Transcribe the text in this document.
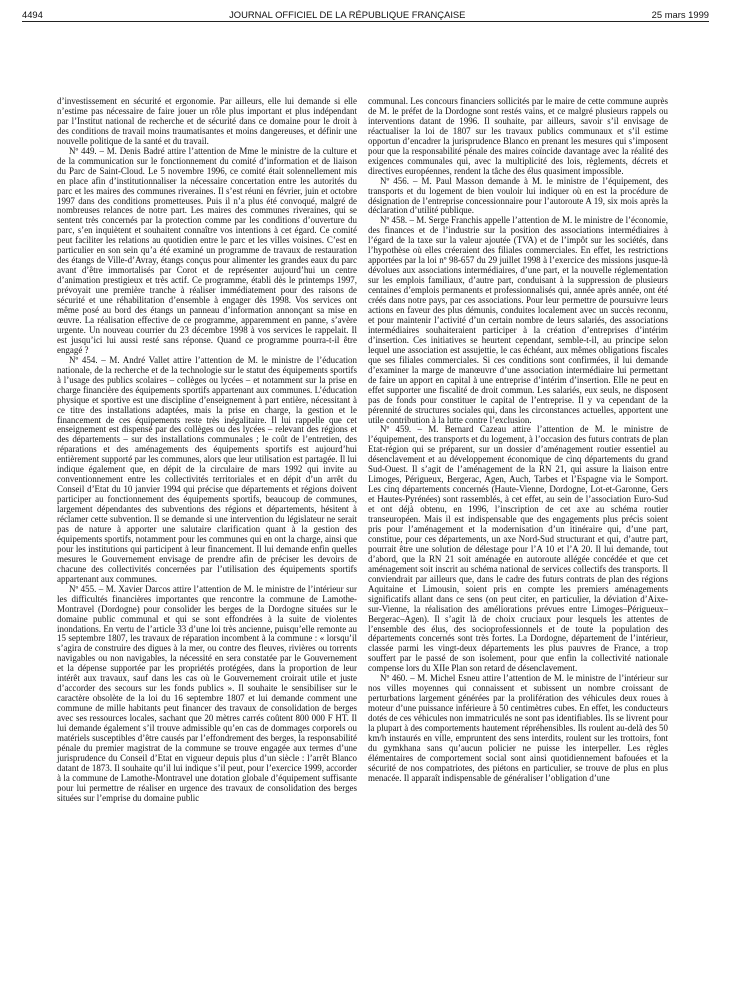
4494	JOURNAL OFFICIEL DE LA RÉPUBLIQUE FRANÇAISE	25 mars 1999

d’investissement en sécurité et ergonomie. Par ailleurs, elle lui demande si elle n’estime pas nécessaire de faire jouer un rôle plus important et plus indépendant par l’Institut national de recherche et de sécurité dans ce domaine pour le droit à des conditions de travail moins traumatisantes et moins dangereuses, et définir une nouvelle politique de la santé et du travail.

Nº 449. – M. Denis Badré attire l’attention de Mme le ministre de la culture et de la communication sur le fonctionnement du comité d’information et de liaison du Parc de Saint-Cloud. Le 5 novembre 1996, ce comité était solennellement mis en place afin d’institutionnaliser la nécessaire concertation entre les autorités du parc et les maires des communes riveraines. Il s’est réuni en février, juin et octobre 1997 dans des conditions prometteuses. Puis il n’a plus été convoqué, malgré de nombreuses relances de notre part. Les maires des communes riveraines, qui se sentent très concernés par la protection comme par les conditions d’ouverture du parc, s’en inquiètent et souhaitent connaître vos intentions à cet égard. Ce comité peut faciliter les relations au quotidien entre le parc et les villes voisines. C’est en particulier en son sein qu’a été examiné un programme de travaux de restauration des étangs de Ville-d’Avray, étangs conçus pour alimenter les grandes eaux du parc avant d’être immortalisés par Corot et de représenter aujourd’hui un centre d’animation prestigieux et très actif. Ce programme, établi dès le printemps 1997, prévoyait une première tranche à réaliser immédiatement pour des raisons de sécurité et une réhabilitation d’ensemble à engager dès 1998. Vos services ont même posé au bord des étangs un panneau d’information annonçant sa mise en œuvre. La réalisation effective de ce programme, apparemment en panne, s’avère urgente. Un nouveau courrier du 23 décembre 1998 à vos services le rappelait. Il est jusqu’ici lui aussi resté sans réponse. Quand ce programme pourra-t-il être engagé ?

Nº 454. – M. André Vallet attire l’attention de M. le ministre de l’éducation nationale, de la recherche et de la technologie sur le statut des équipements sportifs à l’usage des publics scolaires – collèges ou lycées – et notamment sur la prise en charge financière des équipements sportifs appartenant aux communes. L’éducation physique et sportive est une discipline d’enseignement à part entière, nécessitant à ce titre des installations adaptées, mais la prise en charge, la gestion et le financement de ces équipements reste très inégalitaire. Il lui rappelle que cet enseignement est dispensé par des collèges ou des lycées – relevant des régions et des départements – sur des installations communales ; le coût de l’entretien, des réparations et des aménagements des équipements sportifs est aujourd’hui entièrement supporté par les communes, alors que leur utilisation est partagée. Il lui indique également que, en dépit de la circulaire de mars 1992 qui invite au conventionnement entre les collectivités territoriales et en dépit d’un arrêt du Conseil d’Etat du 10 janvier 1994 qui précise que départements et régions doivent participer au fonctionnement des équipements sportifs, beaucoup de communes, largement dépendantes des subventions des régions et départements, hésitent à réclamer cette subvention. Il se demande si une intervention du législateur ne serait pas de nature à apporter une salutaire clarification quant à la gestion des équipements sportifs, notamment pour les communes qui en ont la charge, ainsi que pour les institutions qui participent à leur financement. Il lui demande enfin quelles mesures le Gouvernement envisage de prendre afin de préciser les devoirs de chacune des collectivités concernées par l’utilisation des équipements sportifs appartenant aux communes.

Nº 455. – M. Xavier Darcos attire l’attention de M. le ministre de l’intérieur sur les difficultés financières importantes que rencontre la commune de Lamothe-Montravel (Dordogne) pour consolider les berges de la Dordogne situées sur le domaine public communal et qui se sont effondrées à la suite de violentes inondations. En vertu de l’article 33 d’une loi très ancienne, puisqu’elle remonte au 15 septembre 1807, les travaux de réparation incombent à la commune : « lorsqu’il s’agira de construire des digues à la mer, ou contre des fleuves, rivières ou torrents navigables ou non navigables, la nécessité en sera constatée par le Gouvernement et la dépense supportée par les propriétés protégées, dans la proportion de leur intérêt aux travaux, sauf dans les cas où le Gouvernement croirait utile et juste d’accorder des secours sur les fonds publics ». Il souhaite le sensibiliser sur le caractère obsolète de la loi du 16 septembre 1807 et lui demande comment une commune de mille habitants peut financer des travaux de consolidation de berges avec ses ressources locales, sachant que 20 mètres carrés coûtent 800 000 F HT. Il lui demande également s’il trouve admissible qu’en cas de dommages corporels ou matériels susceptibles d’être causés par l’effondrement des berges, la responsabilité pénale du premier magistrat de la commune se trouve engagée aux termes d’une jurisprudence du Conseil d’Etat en vigueur depuis plus d’un siècle : l’arrêt Blanco datant de 1873. Il souhaite qu’il lui indique s’il peut, pour l’exercice 1999, accorder à la commune de Lamothe-Montravel une dotation globale d’équipement suffisante pour lui permettre de réaliser en urgence des travaux de consolidation des berges situées sur l’emprise du domaine public

communal. Les concours financiers sollicités par le maire de cette commune auprès de M. le préfet de la Dordogne sont restés vains, et ce malgré plusieurs rappels ou interventions datant de 1996. Il souhaite, par ailleurs, savoir s’il envisage de réactualiser la loi de 1807 sur les travaux publics communaux et s’il estime opportun d’encadrer la jurisprudence Blanco en prenant les mesures qui s’imposent pour que la responsabilité pénale des maires coïncide davantage avec la réalité des exigences communales qui, avec la multiplicité des lois, règlements, décrets et directives européennes, rendent la tâche des élus quasiment impossible.

Nº 456. – M. Paul Masson demande à M. le ministre de l’équipement, des transports et du logement de bien vouloir lui indiquer où en est la procédure de désignation de l’entreprise concessionnaire pour l’autoroute A 19, six mois après la déclaration d’utilité publique.

Nº 458. – M. Serge Franchis appelle l’attention de M. le ministre de l’économie, des finances et de l’industrie sur la position des associations intermédiaires à l’égard de la taxe sur la valeur ajoutée (TVA) et de l’impôt sur les sociétés, dans l’hypothèse où elles créeraient des filiales commerciales. En effet, les restrictions apportées par la loi nº 98-657 du 29 juillet 1998 à l’exercice des missions jusque-là dévolues aux associations intermédiaires, d’une part, et la nouvelle réglementation sur les emplois familiaux, d’autre part, conduisant à la suppression de plusieurs centaines d’emplois permanents et professionnalisés qui, année après année, ont été créés dans notre pays, par ces associations. Pour leur permettre de poursuivre leurs actions en faveur des plus démunis, conduites localement avec un succès reconnu, et pour maintenir l’activité d’un certain nombre de leurs salariés, des associations intermédiaires souhaiteraient participer à la création d’entreprises d’intérim d’insertion. Ces initiatives se heurtent cependant, semble-t-il, au principe selon lequel une association est assujettie, le cas échéant, aux mêmes obligations fiscales que ses filiales commerciales. Si ces conditions sont confirmées, il lui demande d’examiner la marge de manœuvre d’une association intermédiaire lui permettant de faire un apport en capital à une entreprise d’intérim d’insertion. Elle ne peut en effet supporter une fiscalité de droit commun. Les salariés, eux seuls, ne disposent pas de fonds pour constituer le capital de l’entreprise. Il y va cependant de la pérennité de structures sociales qui, dans les circonstances actuelles, apportent une utile contribution à la lutte contre l’exclusion.

Nº 459. – M. Bernard Cazeau attire l’attention de M. le ministre de l’équipement, des transports et du logement, à l’occasion des futurs contrats de plan Etat-région qui se préparent, sur un dossier d’aménagement routier essentiel au désenclavement et au développement économique de cinq départements du grand Sud-Ouest. Il s’agit de l’aménagement de la RN 21, qui assure la liaison entre Limoges, Périgueux, Bergerac, Agen, Auch, Tarbes et l’Espagne via le Somport. Les cinq départements concernés (Haute-Vienne, Dordogne, Lot-et-Garonne, Gers et Hautes-Pyrénées) sont rassemblés, à cet effet, au sein de l’association Euro-Sud et ont déjà obtenu, en 1996, l’inscription de cet axe au schéma routier transeuropéen. Mais il est indispensable que des engagements plus précis soient pris pour l’aménagement et la modernisation d’un itinéraire qui, d’une part, constitue, pour ces départements, un axe Nord-Sud structurant et qui, d’autre part, pourrait être une solution de délestage pour l’A 10 et l’A 20. Il lui demande, tout d’abord, que la RN 21 soit aménagée en autoroute allégée concédée et que cet aménagement soit inscrit au schéma national de services collectifs des transports. Il conviendrait par ailleurs que, dans le cadre des futurs contrats de plan des régions Aquitaine et Limousin, soient pris en compte les premiers aménagements significatifs allant dans ce sens (on peut citer, en particulier, la déviation d’Aixe-sur-Vienne, la réalisation des améliorations prévues entre Limoges–Périgueux–Bergerac–Agen). Il s’agit là de choix cruciaux pour lesquels les attentes de l’ensemble des élus, des socioprofessionnels et de toute la population des départements concernés sont très fortes. La Dordogne, département de l’intérieur, classée parmi les vingt-deux départements les plus pauvres de France, a trop souffert par le passé de son isolement, pour que enfin la collectivité nationale compense lors du XIIe Plan son retard de désenclavement.

Nº 460. – M. Michel Esneu attire l’attention de M. le ministre de l’intérieur sur nos villes moyennes qui connaissent et subissent un nombre croissant de perturbations largement générées par la prolifération des véhicules deux roues à moteur d’une puissance inférieure à 50 centimètres cubes. En effet, les conducteurs dotés de ces véhicules non immatriculés ne sont pas identifiables. Ils se livrent pour la plupart à des comportements hautement répréhensibles. Ils roulent au-delà des 50 km/h instaurés en ville, empruntent des sens interdits, roulent sur les trottoirs, font du gymkhana sans qu’aucun policier ne puisse les interpeller. Les règles élémentaires de comportement social sont ainsi quotidiennement bafouées et la sécurité de nos compatriotes, des piétons en particulier, se trouve de plus en plus menacée. Il apparaît indispensable de généraliser l’obligation d’une
